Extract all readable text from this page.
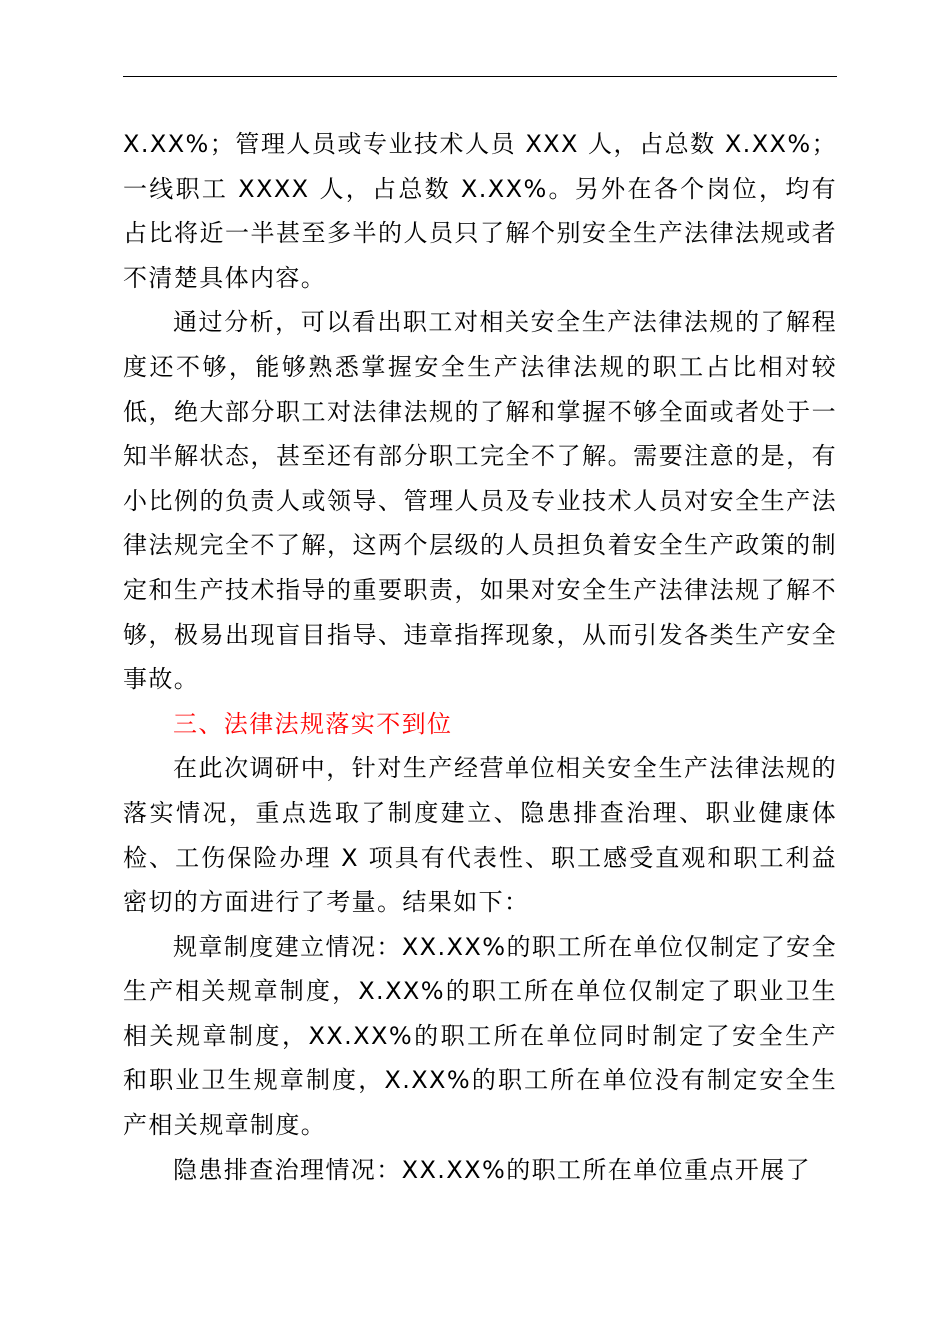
X.XX%；管理人员或专业技术人员 XXX 人，占总数 X.XX%；一线职工 XXXX 人，占总数 X.XX%。另外在各个岗位，均有占比将近一半甚至多半的人员只了解个别安全生产法律法规或者不清楚具体内容。

通过分析，可以看出职工对相关安全生产法律法规的了解程度还不够，能够熟悉掌握安全生产法律法规的职工占比相对较低，绝大部分职工对法律法规的了解和掌握不够全面或者处于一知半解状态，甚至还有部分职工完全不了解。需要注意的是，有小比例的负责人或领导、管理人员及专业技术人员对安全生产法律法规完全不了解，这两个层级的人员担负着安全生产政策的制定和生产技术指导的重要职责，如果对安全生产法律法规了解不够，极易出现盲目指导、违章指挥现象，从而引发各类生产安全事故。

三、法律法规落实不到位

在此次调研中，针对生产经营单位相关安全生产法律法规的落实情况，重点选取了制度建立、隐患排查治理、职业健康体检、工伤保险办理 X 项具有代表性、职工感受直观和职工利益密切的方面进行了考量。结果如下：

规章制度建立情况：XX.XX%的职工所在单位仅制定了安全生产相关规章制度，X.XX%的职工所在单位仅制定了职业卫生相关规章制度，XX.XX%的职工所在单位同时制定了安全生产和职业卫生规章制度，X.XX%的职工所在单位没有制定安全生产相关规章制度。

隐患排查治理情况：XX.XX%的职工所在单位重点开展了
